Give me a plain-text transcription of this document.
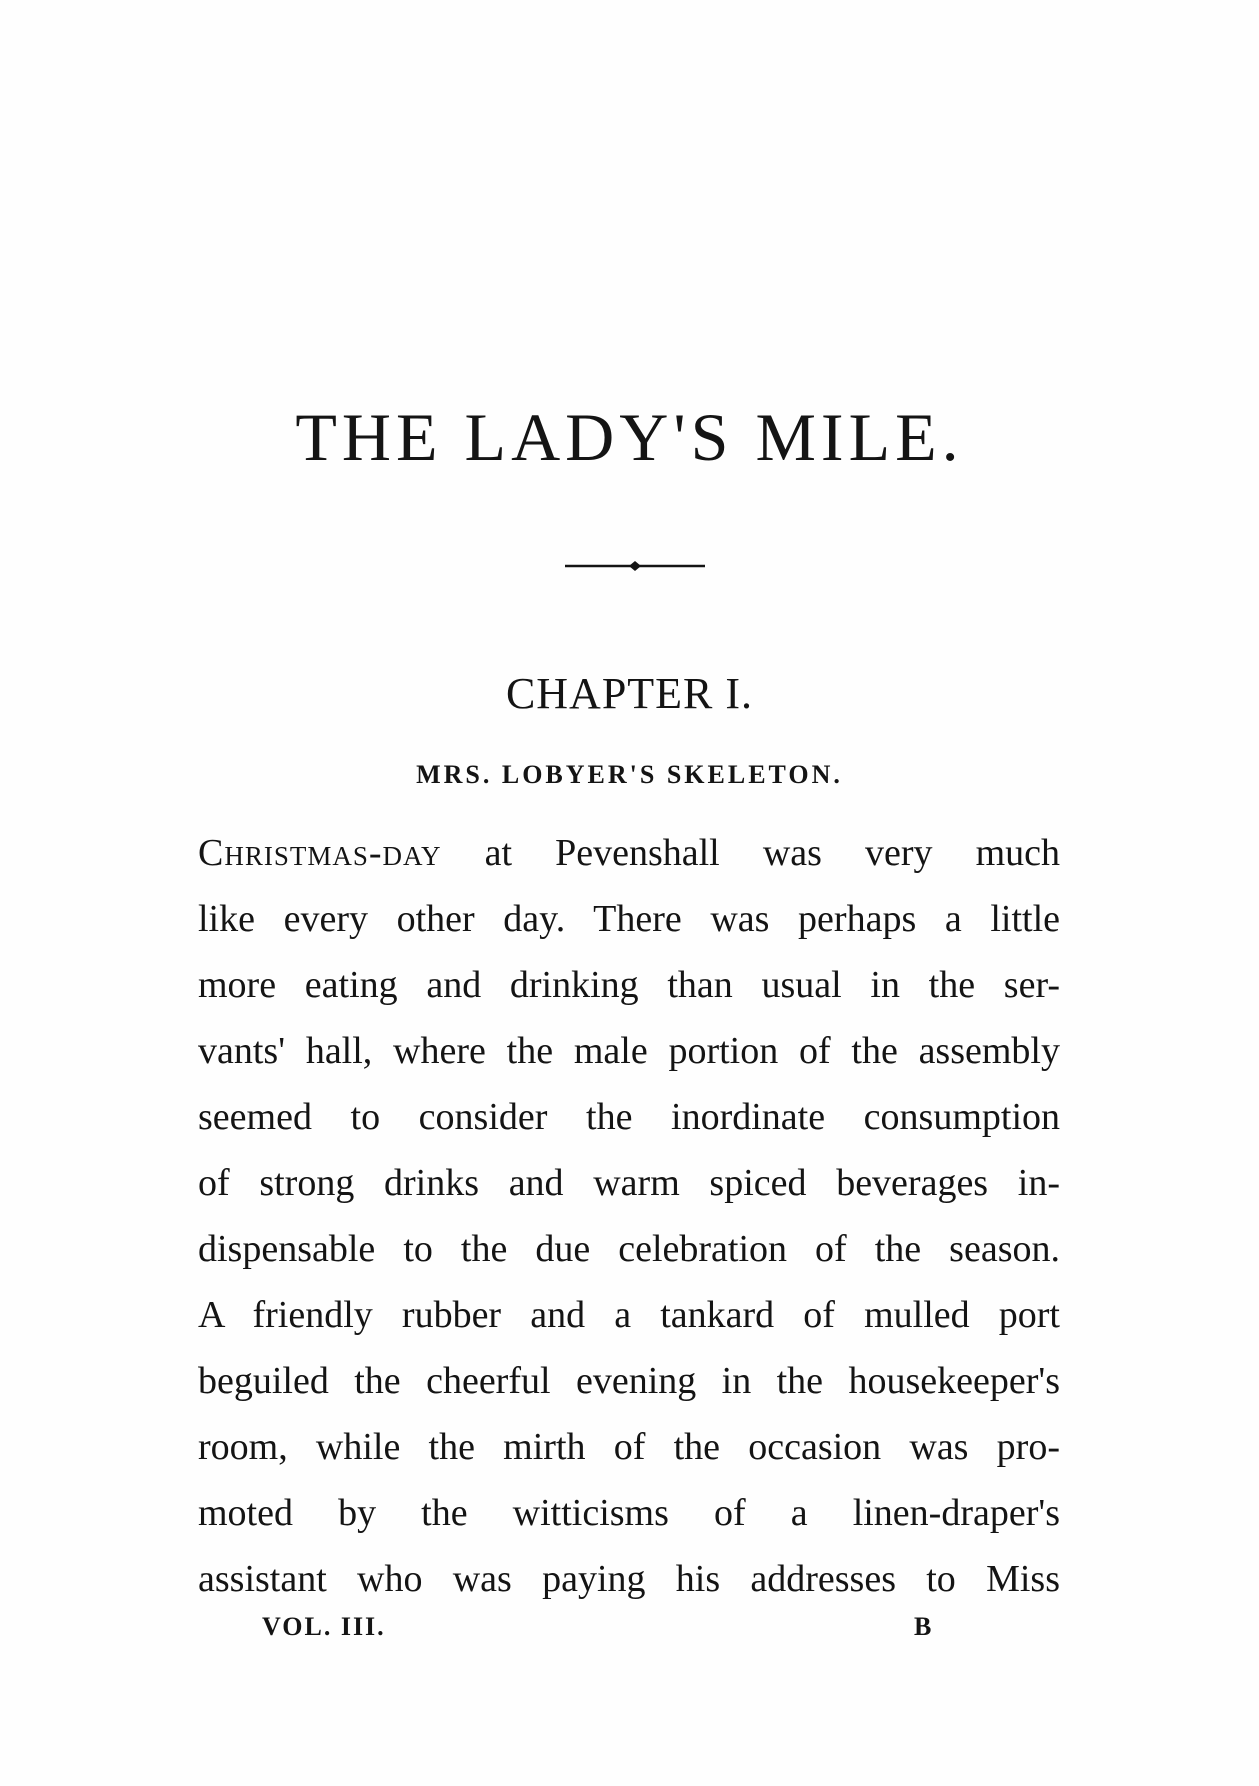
THE LADY'S MILE.
CHAPTER I.
MRS. LOBYER'S SKELETON.
Christmas-day at Pevenshall was very much
like every other day. There was perhaps a little
more eating and drinking than usual in the ser-
vants' hall, where the male portion of the assembly
seemed to consider the inordinate consumption
of strong drinks and warm spiced beverages in-
dispensable to the due celebration of the season.
A friendly rubber and a tankard of mulled port
beguiled the cheerful evening in the housekeeper's
room, while the mirth of the occasion was pro-
moted by the witticisms of a linen-draper's
assistant who was paying his addresses to Miss
VOL. III.	B
